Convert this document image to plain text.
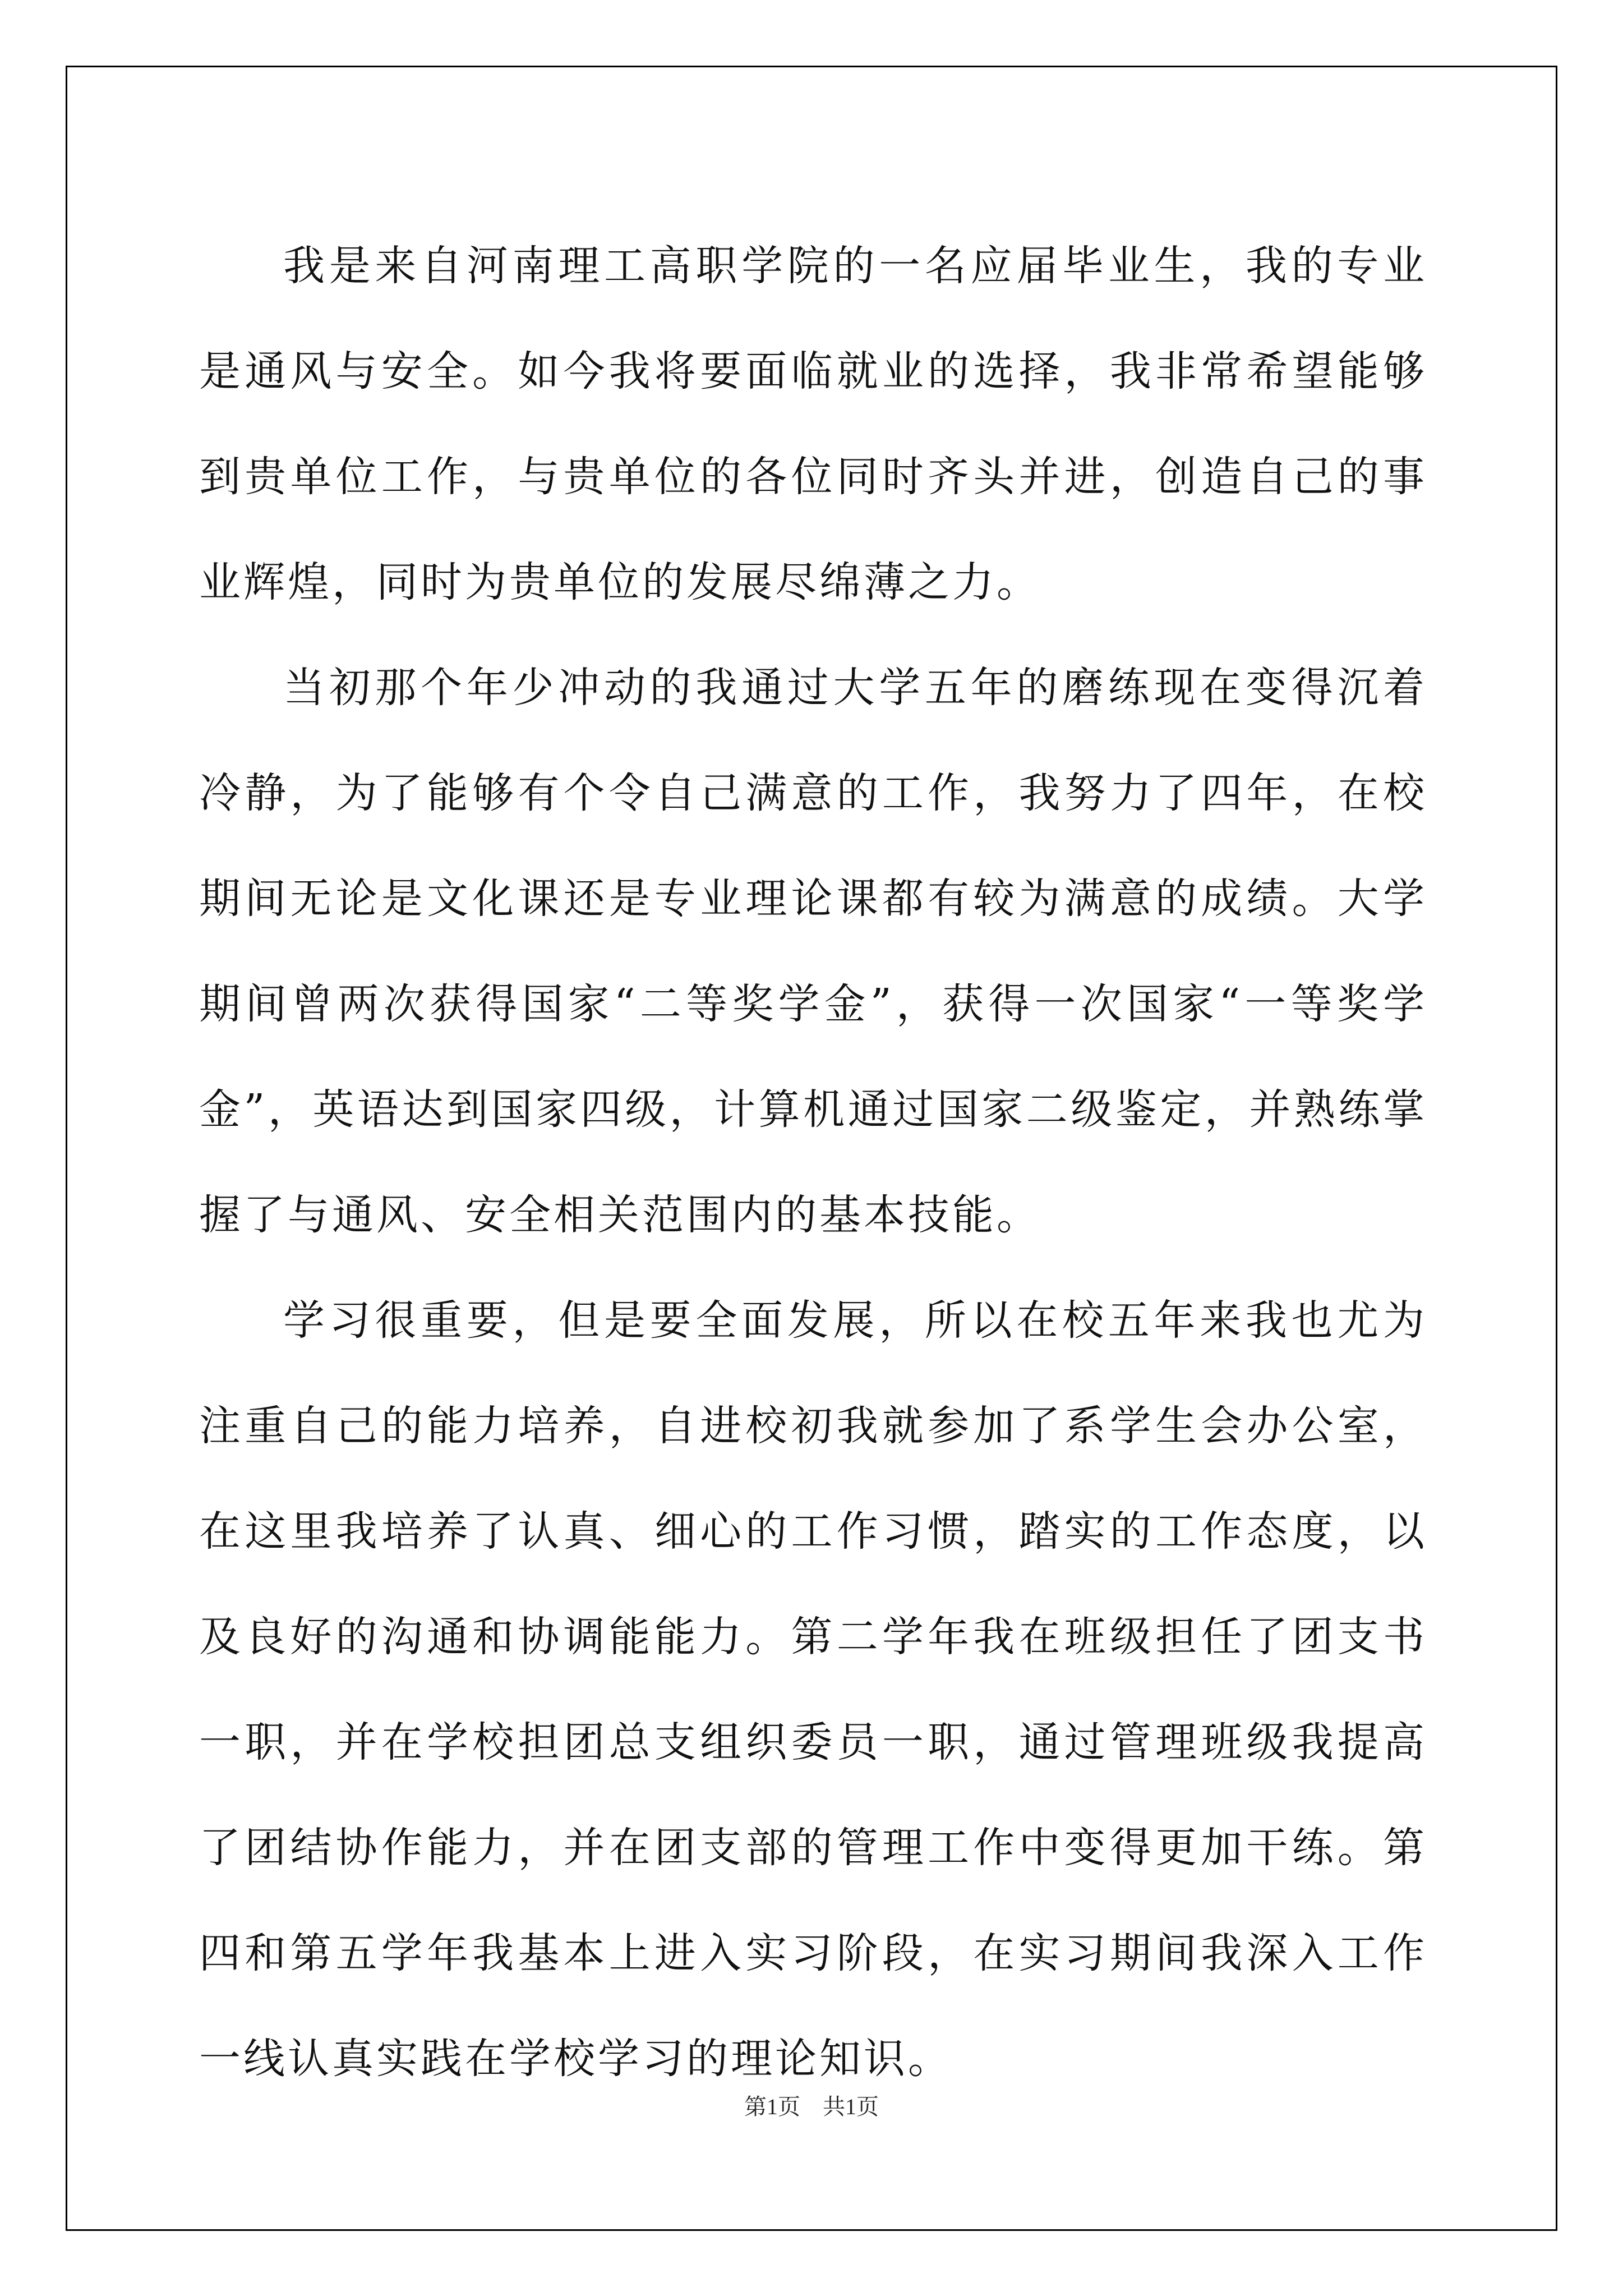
我是来自河南理工高职学院的一名应届毕业生，我的专业是通风与安全。如今我将要面临就业的选择，我非常希望能够到贵单位工作，与贵单位的各位同时齐头并进，创造自己的事业辉煌，同时为贵单位的发展尽绵薄之力。

当初那个年少冲动的我通过大学五年的磨练现在变得沉着冷静，为了能够有个令自己满意的工作，我努力了四年，在校期间无论是文化课还是专业理论课都有较为满意的成绩。大学期间曾两次获得国家“二等奖学金”，获得一次国家“一等奖学金”，英语达到国家四级，计算机通过国家二级鉴定，并熟练掌握了与通风、安全相关范围内的基本技能。

学习很重要，但是要全面发展，所以在校五年来我也尤为注重自己的能力培养，自进校初我就参加了系学生会办公室，在这里我培养了认真、细心的工作习惯，踏实的工作态度，以及良好的沟通和协调能能力。第二学年我在班级担任了团支书一职，并在学校担团总支组织委员一职，通过管理班级我提高了团结协作能力，并在团支部的管理工作中变得更加干练。第四和第五学年我基本上进入实习阶段，在实习期间我深入工作一线认真实践在学校学习的理论知识。

第1页　共1页
